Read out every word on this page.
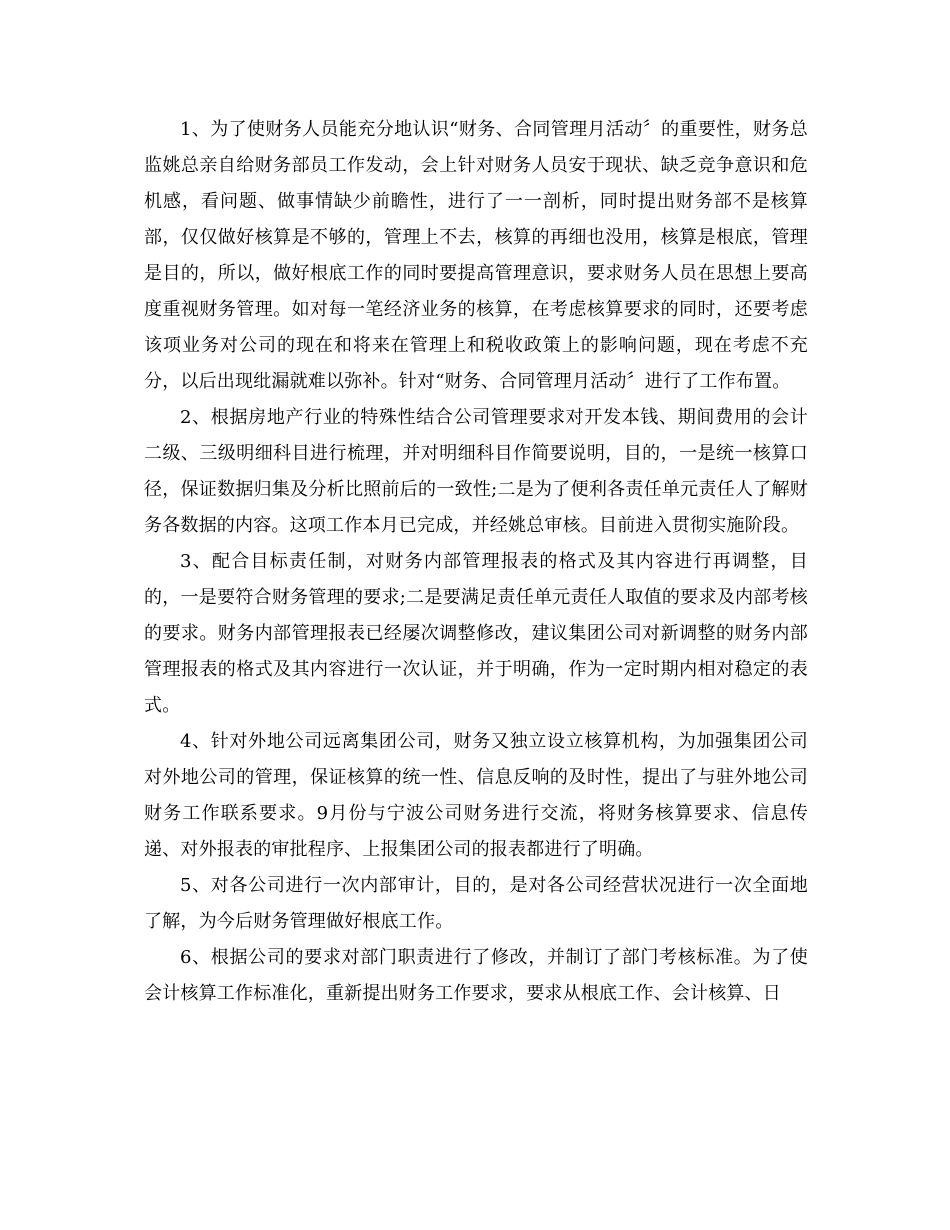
1、为了使财务人员能充分地认识“财务、合同管理月活动〞的重要性，财务总监姚总亲自给财务部员工作发动，会上针对财务人员安于现状、缺乏竞争意识和危机感，看问题、做事情缺少前瞻性，进行了一一剖析，同时提出财务部不是核算部，仅仅做好核算是不够的，管理上不去，核算的再细也没用，核算是根底，管理是目的，所以，做好根底工作的同时要提高管理意识，要求财务人员在思想上要高度重视财务管理。如对每一笔经济业务的核算，在考虑核算要求的同时，还要考虑该项业务对公司的现在和将来在管理上和税收政策上的影响问题，现在考虑不充分，以后出现纰漏就难以弥补。针对“财务、合同管理月活动〞进行了工作布置。

2、根据房地产行业的特殊性结合公司管理要求对开发本钱、期间费用的会计二级、三级明细科目进行梳理，并对明细科目作简要说明，目的，一是统一核算口径，保证数据归集及分析比照前后的一致性;二是为了便利各责任单元责任人了解财务各数据的内容。这项工作本月已完成，并经姚总审核。目前进入贯彻实施阶段。

3、配合目标责任制，对财务内部管理报表的格式及其内容进行再调整，目的，一是要符合财务管理的要求;二是要满足责任单元责任人取值的要求及内部考核的要求。财务内部管理报表已经屡次调整修改，建议集团公司对新调整的财务内部管理报表的格式及其内容进行一次认证，并于明确，作为一定时期内相对稳定的表式。

4、针对外地公司远离集团公司，财务又独立设立核算机构，为加强集团公司对外地公司的管理，保证核算的统一性、信息反响的及时性，提出了与驻外地公司财务工作联系要求。9月份与宁波公司财务进行交流，将财务核算要求、信息传递、对外报表的审批程序、上报集团公司的报表都进行了明确。

5、对各公司进行一次内部审计，目的，是对各公司经营状况进行一次全面地了解，为今后财务管理做好根底工作。

6、根据公司的要求对部门职责进行了修改，并制订了部门考核标准。为了使会计核算工作标准化，重新提出财务工作要求，要求从根底工作、会计核算、日
